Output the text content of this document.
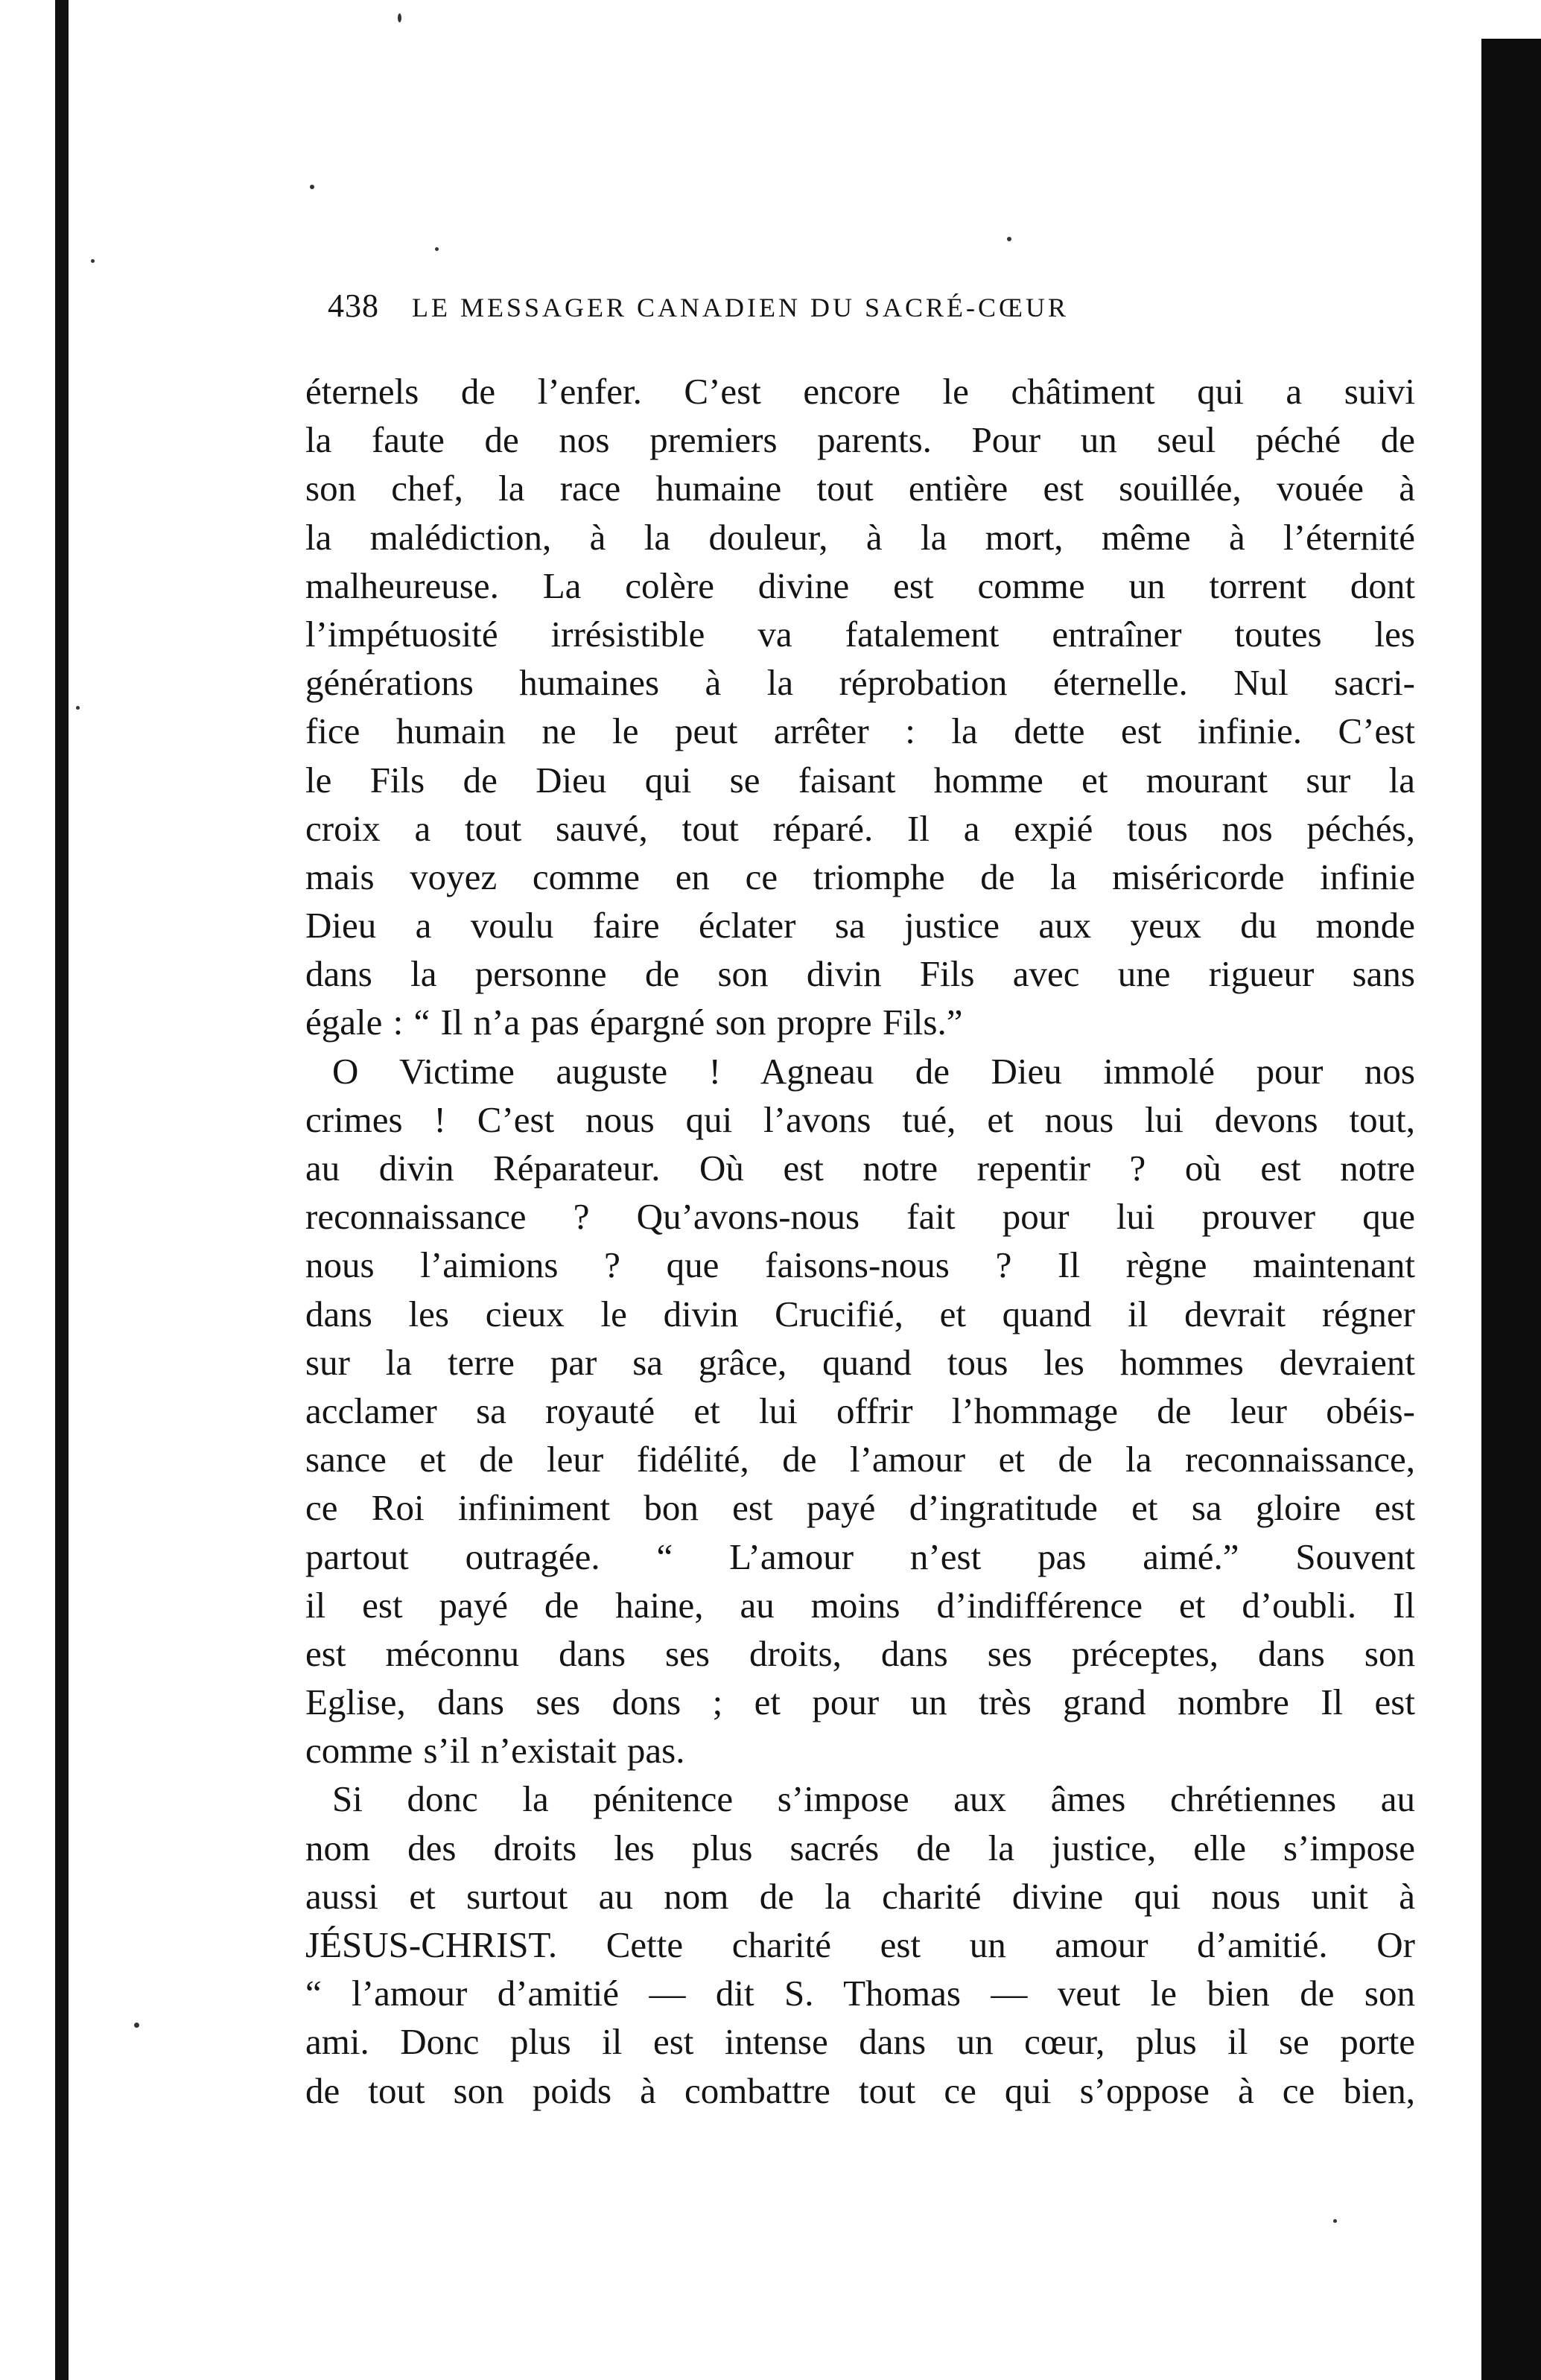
438 LE MESSAGER CANADIEN DU SACRÉ-CŒUR
éternels de l’enfer. C’est encore le châtiment qui a suivi
la faute de nos premiers parents. Pour un seul péché de
son chef, la race humaine tout entière est souillée, vouée à
la malédiction, à la douleur, à la mort, même à l’éternité
malheureuse. La colère divine est comme un torrent dont
l’impétuosité irrésistible va fatalement entraîner toutes les
générations humaines à la réprobation éternelle. Nul sacri-
fice humain ne le peut arrêter : la dette est infinie. C’est
le Fils de Dieu qui se faisant homme et mourant sur la
croix a tout sauvé, tout réparé. Il a expié tous nos péchés,
mais voyez comme en ce triomphe de la miséricorde infinie
Dieu a voulu faire éclater sa justice aux yeux du monde
dans la personne de son divin Fils avec une rigueur sans
égale : “ Il n’a pas épargné son propre Fils.”
O Victime auguste ! Agneau de Dieu immolé pour nos
crimes ! C’est nous qui l’avons tué, et nous lui devons tout,
au divin Réparateur. Où est notre repentir ? où est notre
reconnaissance ? Qu’avons-nous fait pour lui prouver que
nous l’aimions ? que faisons-nous ? Il règne maintenant
dans les cieux le divin Crucifié, et quand il devrait régner
sur la terre par sa grâce, quand tous les hommes devraient
acclamer sa royauté et lui offrir l’hommage de leur obéis-
sance et de leur fidélité, de l’amour et de la reconnaissance,
ce Roi infiniment bon est payé d’ingratitude et sa gloire est
partout outragée. “ L’amour n’est pas aimé.” Souvent
il est payé de haine, au moins d’indifférence et d’oubli. Il
est méconnu dans ses droits, dans ses préceptes, dans son
Eglise, dans ses dons ; et pour un très grand nombre Il est
comme s’il n’existait pas.
Si donc la pénitence s’impose aux âmes chrétiennes au
nom des droits les plus sacrés de la justice, elle s’impose
aussi et surtout au nom de la charité divine qui nous unit à
JÉSUS-CHRIST. Cette charité est un amour d’amitié. Or
“ l’amour d’amitié — dit S. Thomas — veut le bien de son
ami. Donc plus il est intense dans un cœur, plus il se porte
de tout son poids à combattre tout ce qui s’oppose à ce bien,
